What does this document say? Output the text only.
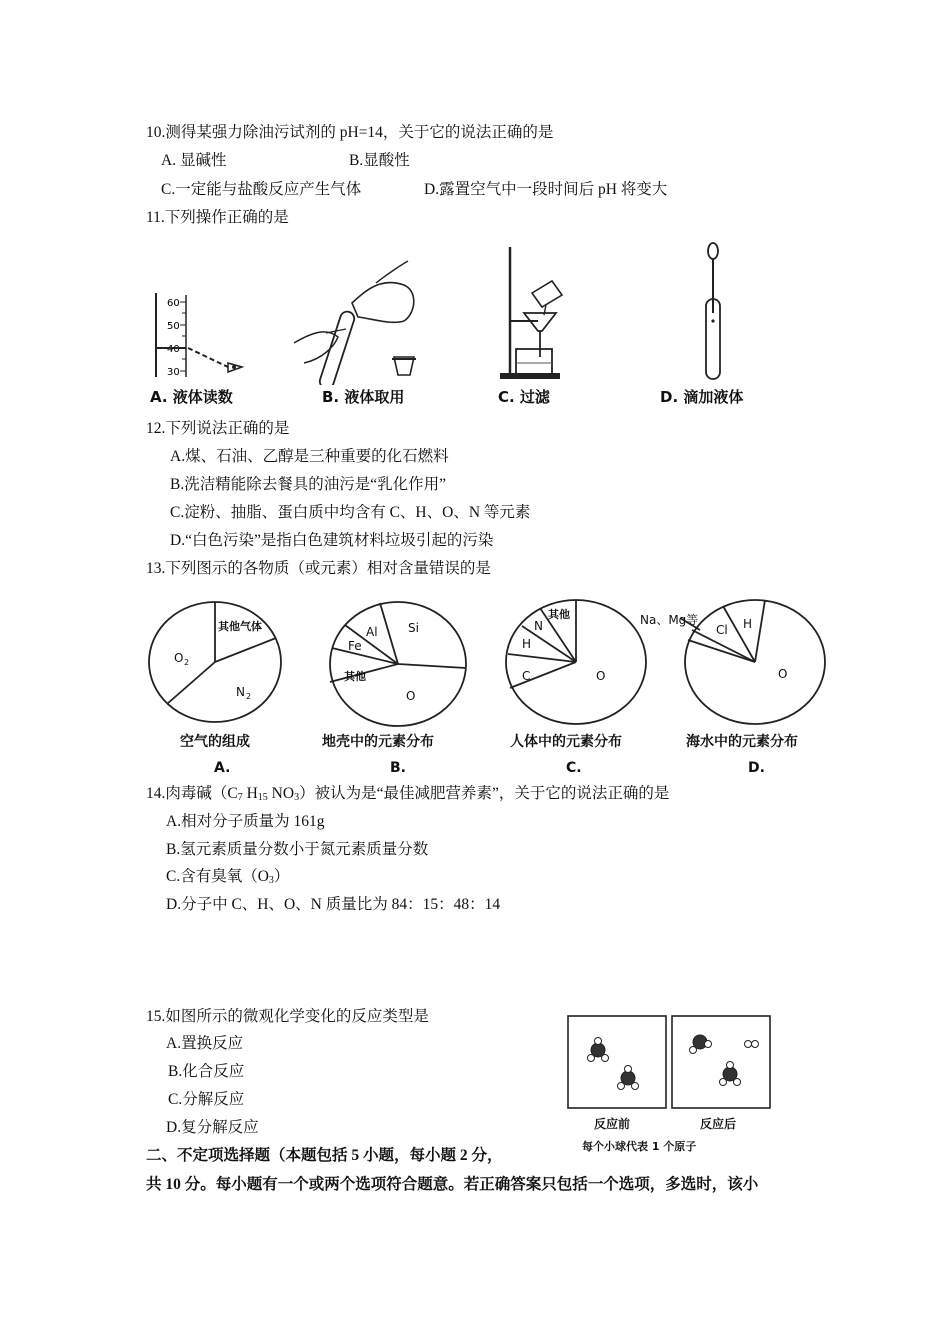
10.测得某强力除油污试剂的 pH=14，关于它的说法正确的是
A. 显碱性	B.显酸性
C.一定能与盐酸反应产生气体	D.露置空气中一段时间后 pH 将变大
11.下列操作正确的是
60
50
40
30
A. 液体读数	B. 液体取用	C. 过滤	D. 滴加液体
12.下列说法正确的是
A.煤、石油、乙醇是三种重要的化石燃料
B.洗洁精能除去餐具的油污是“乳化作用”
C.淀粉、抽脂、蛋白质中均含有 C、H、O、N 等元素
D.“白色污染”是指白色建筑材料垃圾引起的污染
13.下列图示的各物质（或元素）相对含量错误的是
其他气体
O 2
N 2
Si
Al
Fe
其他
O
其他
N
H
C	O
Na、Mg等
Cl H
O
空气的组成	地壳中的元素分布	人体中的元素分布	海水中的元素分布
A.	B.	C.	D.
14.肉毒碱（$C_7$ $H_{15}$ $NO_3$）被认为是“最佳减肥营养素”，关于它的说法正确的是
A.相对分子质量为 161g
B.氢元素质量分数小于氮元素质量分数
C.含有臭氧$(O_3)$
D.分子中 C、H、O、N 质量比为 84：15：48：14
15.如图所示的微观化学变化的反应类型是
A.置换反应
B.化合反应
C.分解反应
D.复分解反应	反应前	反应后
每个小球代表 1 个原子
二、不定项选择题（本题包括 5 小题，每小题 2 分，
共 10 分。每小题有一个或两个选项符合题意。若正确答案只包括一个选项，多选时，该小
